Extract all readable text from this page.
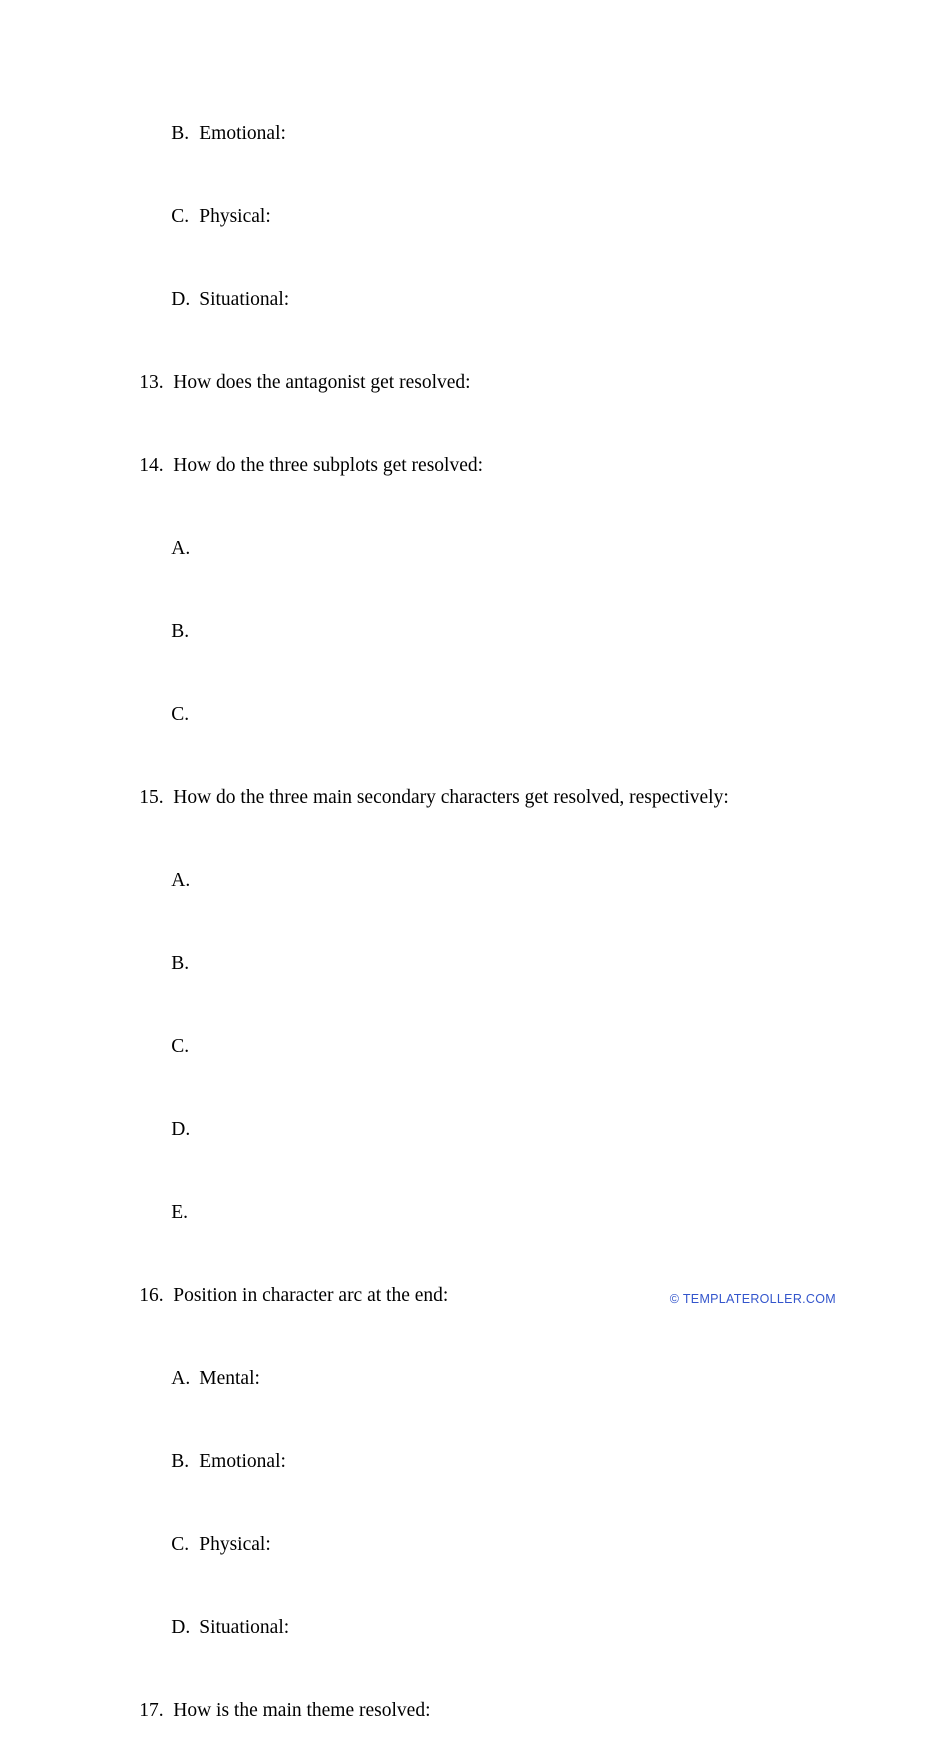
B. Emotional:

C. Physical:

D. Situational:

13. How does the antagonist get resolved:

14. How do the three subplots get resolved:

A.

B.

C.

15. How do the three main secondary characters get resolved, respectively:

A.

B.

C.

D.

E.

16. Position in character arc at the end:

A. Mental:

B. Emotional:

C. Physical:

D. Situational:

17. How is the main theme resolved:

© TEMPLATEROLLER.COM
